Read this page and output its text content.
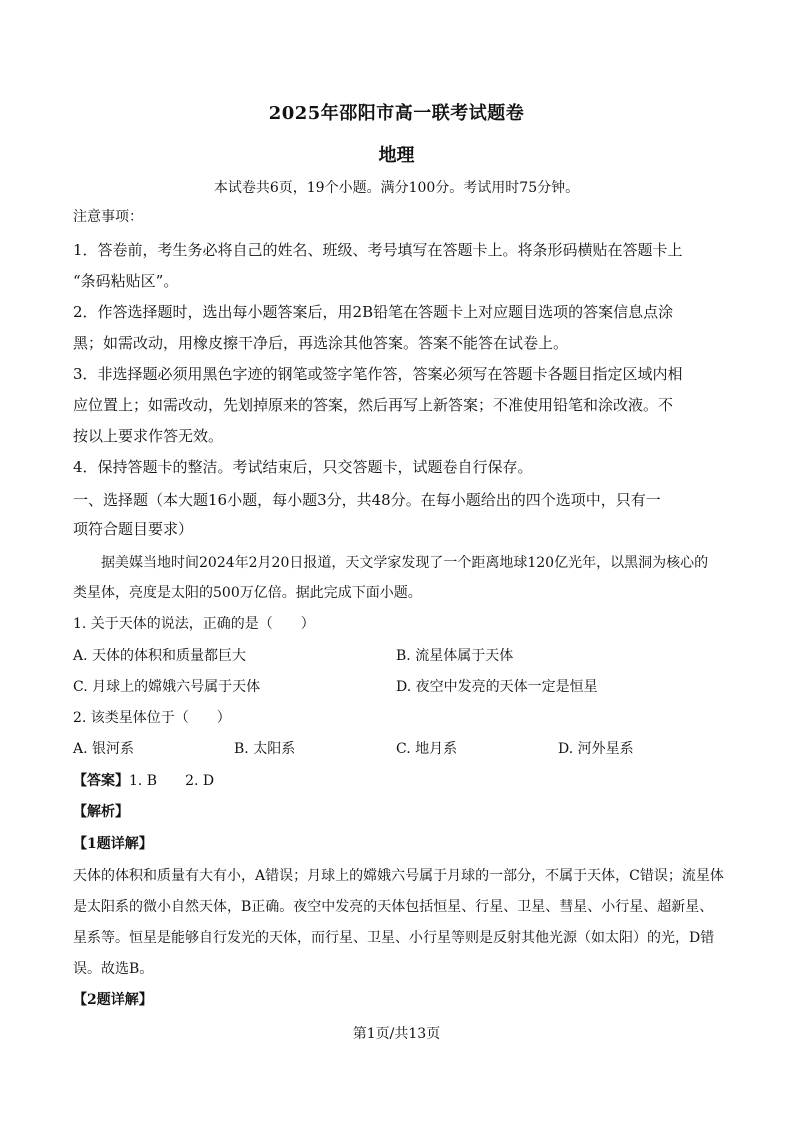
2025年邵阳市高一联考试题卷
地理
本试卷共6页，19个小题。满分100分。考试用时75分钟。
注意事项：
1．答卷前，考生务必将自己的姓名、班级、考号填写在答题卡上。将条形码横贴在答题卡上
“条码粘贴区”。
2．作答选择题时，选出每小题答案后，用2B铅笔在答题卡上对应题目选项的答案信息点涂
黑；如需改动，用橡皮擦干净后，再选涂其他答案。答案不能答在试卷上。
3．非选择题必须用黑色字迹的钢笔或签字笔作答，答案必须写在答题卡各题目指定区域内相
应位置上；如需改动，先划掉原来的答案，然后再写上新答案；不准使用铅笔和涂改液。不
按以上要求作答无效。
4．保持答题卡的整洁。考试结束后，只交答题卡，试题卷自行保存。
一、选择题（本大题16小题，每小题3分，共48分。在每小题给出的四个选项中，只有一
项符合题目要求）
据美媒当地时间2024年2月20日报道，天文学家发现了一个距离地球120亿光年，以黑洞为核心的
类星体，亮度是太阳的500万亿倍。据此完成下面小题。
1. 关于天体的说法，正确的是（　　）
A. 天体的体积和质量都巨大	B. 流星体属于天体
C. 月球上的嫦娥六号属于天体	D. 夜空中发亮的天体一定是恒星
2. 该类星体位于（　　）
A. 银河系	B. 太阳系	C. 地月系	D. 河外星系
【答案】1. B　　2. D
【解析】
【1题详解】
天体的体积和质量有大有小，A错误；月球上的嫦娥六号属于月球的一部分，不属于天体，C错误；流星体
是太阳系的微小自然天体，B正确。夜空中发亮的天体包括恒星、行星、卫星、彗星、小行星、超新星、
星系等。恒星是能够自行发光的天体，而行星、卫星、小行星等则是反射其他光源（如太阳）的光，D错
误。故选B。
【2题详解】
第1页/共13页
